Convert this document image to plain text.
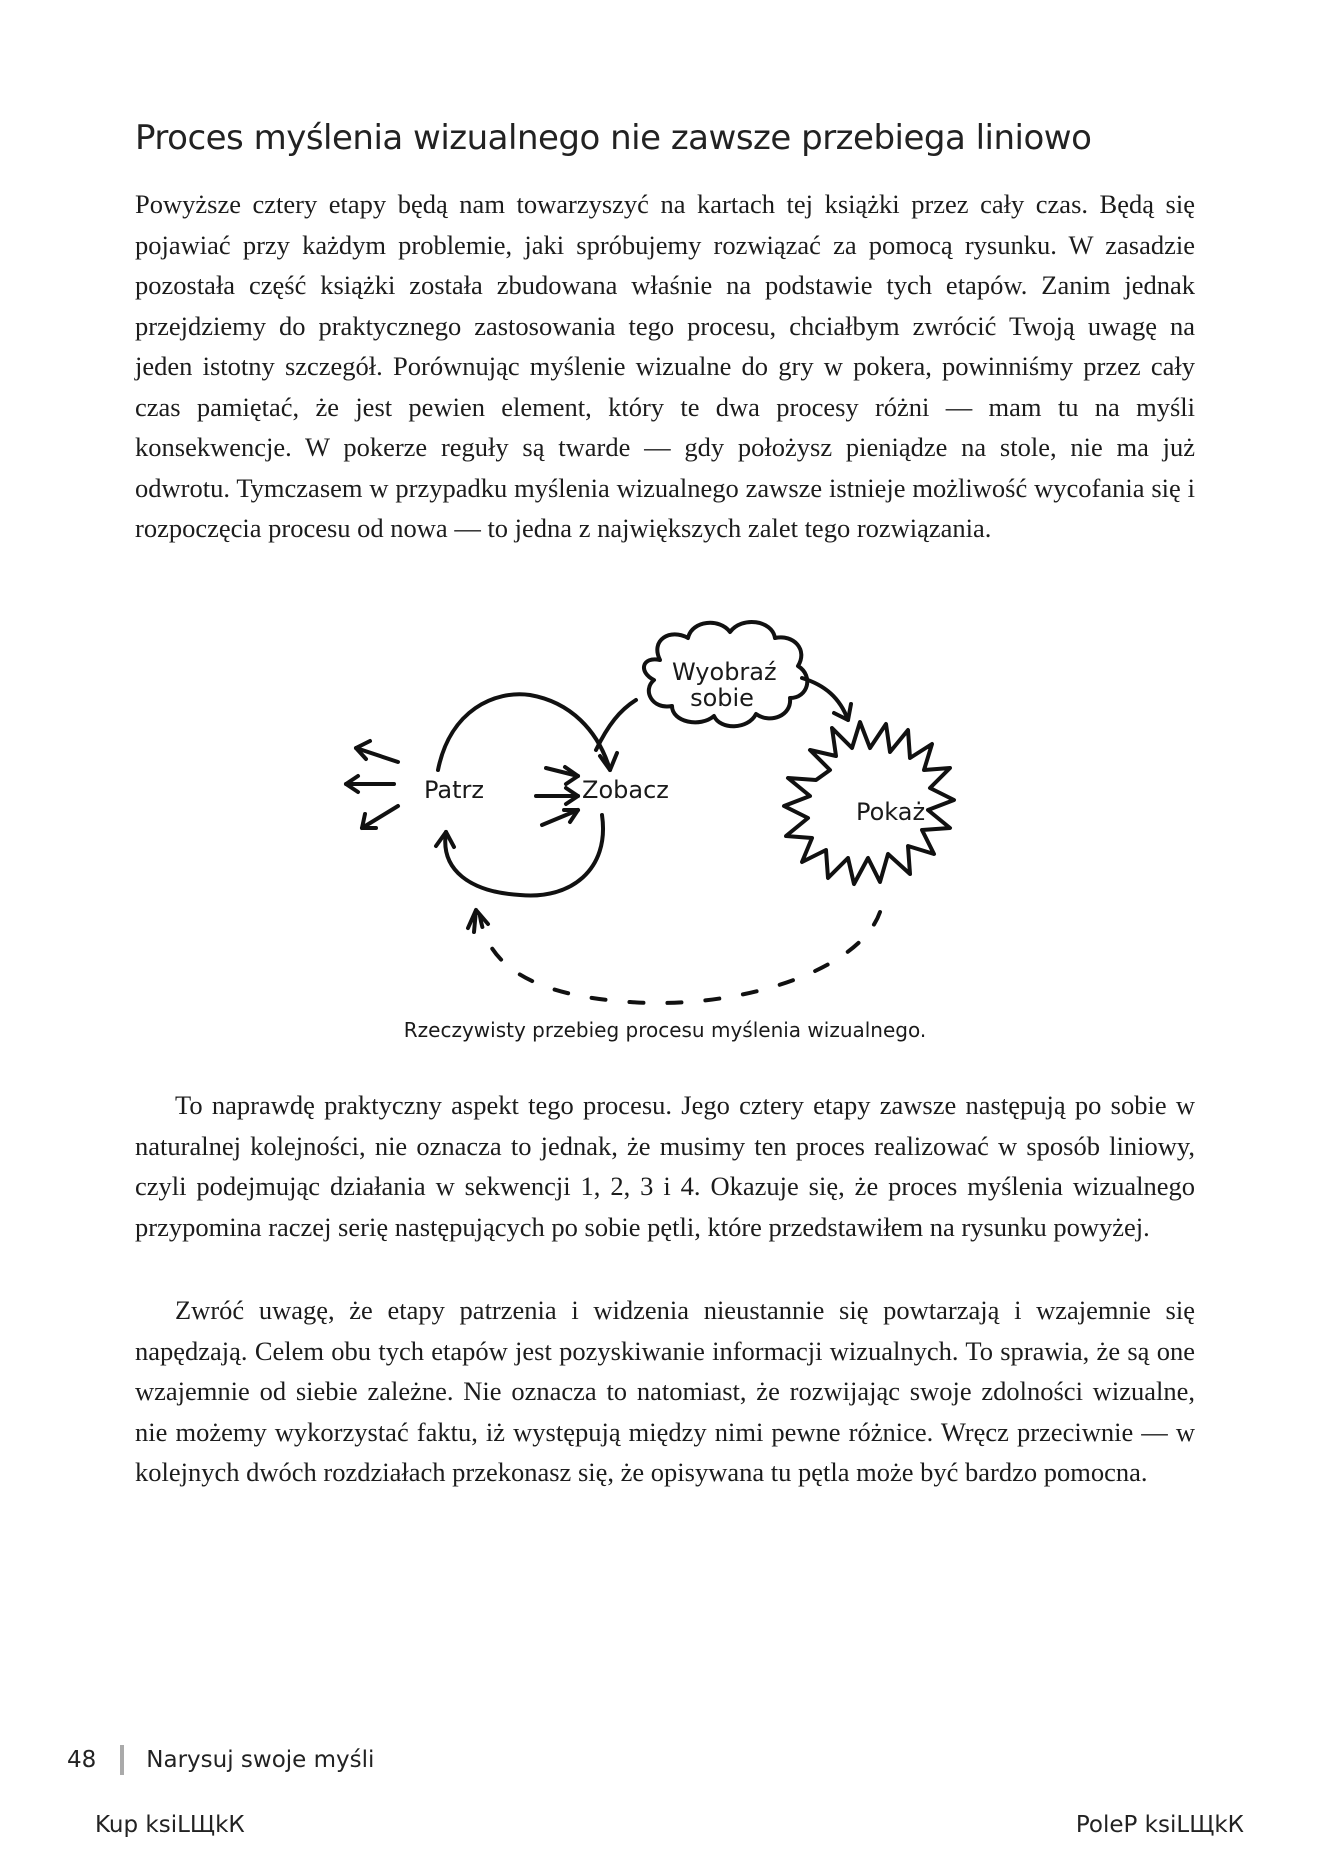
Proces myślenia wizualnego nie zawsze przebiega liniowo

Powyższe cztery etapy będą nam towarzyszyć na kartach tej książki przez cały czas. Będą się pojawiać przy każdym problemie, jaki spróbujemy rozwiązać za pomocą rysunku. W zasadzie pozostała część książki została zbudowana właśnie na podstawie tych etapów. Zanim jednak przejdziemy do praktycznego zastosowania tego procesu, chciałbym zwrócić Twoją uwagę na jeden istotny szczegół. Porównując myślenie wizualne do gry w pokera, powinniśmy przez cały czas pamiętać, że jest pewien element, który te dwa procesy różni — mam tu na myśli konsekwencje. W pokerze reguły są twarde — gdy położysz pieniądze na stole, nie ma już odwrotu. Tymczasem w przypadku myślenia wizualnego zawsze istnieje możliwość wycofania się i rozpoczęcia procesu od nowa — to jedna z największych zalet tego rozwiązania.

Patrz	Zobacz
Wyobraź
sobie
Pokaż
Rzeczywisty przebieg procesu myślenia wizualnego.

To naprawdę praktyczny aspekt tego procesu. Jego cztery etapy zawsze następują po sobie w naturalnej kolejności, nie oznacza to jednak, że musimy ten proces realizować w sposób liniowy, czyli podejmując działania w sekwencji 1, 2, 3 i 4. Okazuje się, że proces myślenia wizualnego przypomina raczej serię następujących po sobie pętli, które przedstawiłem na rysunku powyżej.

Zwróć uwagę, że etapy patrzenia i widzenia nieustannie się powtarzają i wzajemnie się napędzają. Celem obu tych etapów jest pozyskiwanie informacji wizualnych. To sprawia, że są one wzajemnie od siebie zależne. Nie oznacza to natomiast, że rozwijając swoje zdolności wizualne, nie możemy wykorzystać faktu, iż występują między nimi pewne różnice. Wręcz przeciwnie — w kolejnych dwóch rozdziałach przekonasz się, że opisywana tu pętla może być bardzo pomocna.

48 Narysuj swoje myśli
Kup ksiLЩkК	PoleP ksiLЩkК
